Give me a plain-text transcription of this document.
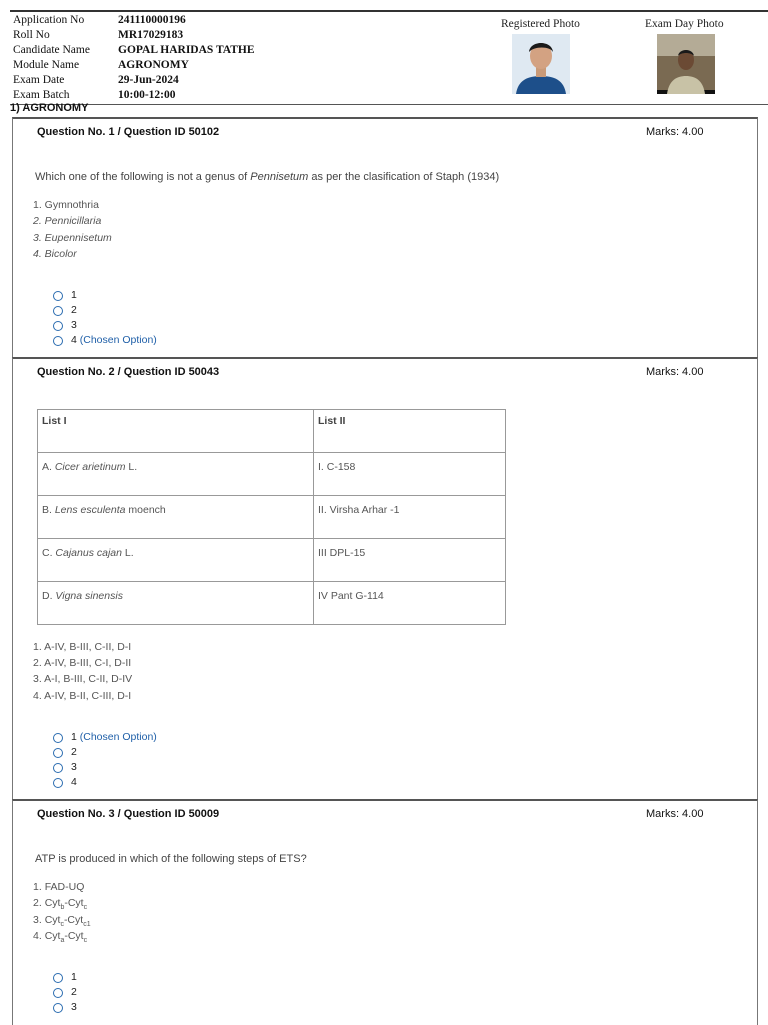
Application No	241110000196
Roll No	MR17029183
Candidate Name	GOPAL HARIDAS TATHE
Module Name	AGRONOMY
Exam Date	29-Jun-2024
Exam Batch	10:00-12:00
Registered Photo	Exam Day Photo
1) AGRONOMY
Question No. 1 / Question ID 50102	Marks: 4.00
Which one of the following is not a genus of Pennisetum as per the clasification of Staph (1934)
1. Gymnothria
2. Pennicillaria
3. Eupennisetum
4. Bicolor
1
2
3
4 (Chosen Option)
Question No. 2 / Question ID 50043	Marks: 4.00
List I	List II
A. Cicer arietinum L.	I. C-158
B. Lens esculenta moench	II. Virsha Arhar -1
C. Cajanus cajan L.	III DPL-15
D. Vigna sinensis	IV Pant G-114
1. A-IV, B-III, C-II, D-I
2. A-IV, B-III, C-I, D-II
3. A-I, B-III, C-II, D-IV
4. A-IV, B-II, C-III, D-I
1 (Chosen Option)
2
3
4
Question No. 3 / Question ID 50009	Marks: 4.00
ATP is produced in which of the following steps of ETS?
1. FAD-UQ
2. Cyt$_b$-Cyt$_c$
3. Cyt$_c$-Cyt$_{c1}$
4. Cyt$_a$-Cyt$_c$
1
2
3
